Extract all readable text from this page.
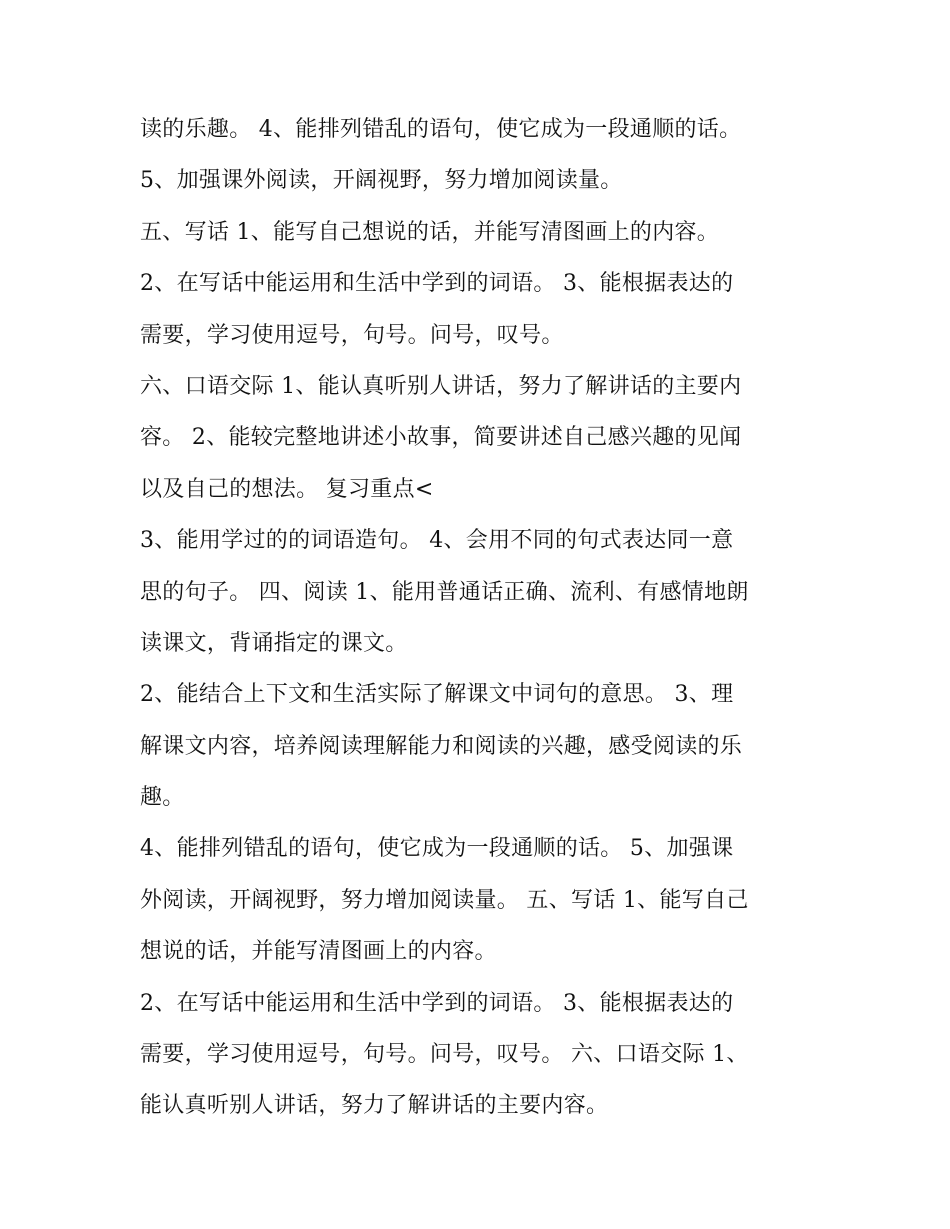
读的乐趣。 4、能排列错乱的语句，使它成为一段通顺的话。
5、加强课外阅读，开阔视野，努力增加阅读量。
五、写话 1、能写自己想说的话，并能写清图画上的内容。
2、在写话中能运用和生活中学到的词语。 3、能根据表达的
需要，学习使用逗号，句号。问号，叹号。
六、口语交际 1、能认真听别人讲话，努力了解讲话的主要内
容。 2、能较完整地讲述小故事，简要讲述自己感兴趣的见闻
以及自己的想法。 复习重点<
3、能用学过的的词语造句。 4、会用不同的句式表达同一意
思的句子。 四、阅读 1、能用普通话正确、流利、有感情地朗
读课文，背诵指定的课文。
2、能结合上下文和生活实际了解课文中词句的意思。 3、理
解课文内容，培养阅读理解能力和阅读的兴趣，感受阅读的乐
趣。
4、能排列错乱的语句，使它成为一段通顺的话。 5、加强课
外阅读，开阔视野，努力增加阅读量。 五、写话 1、能写自己
想说的话，并能写清图画上的内容。
2、在写话中能运用和生活中学到的词语。 3、能根据表达的
需要，学习使用逗号，句号。问号，叹号。 六、口语交际 1、
能认真听别人讲话，努力了解讲话的主要内容。
